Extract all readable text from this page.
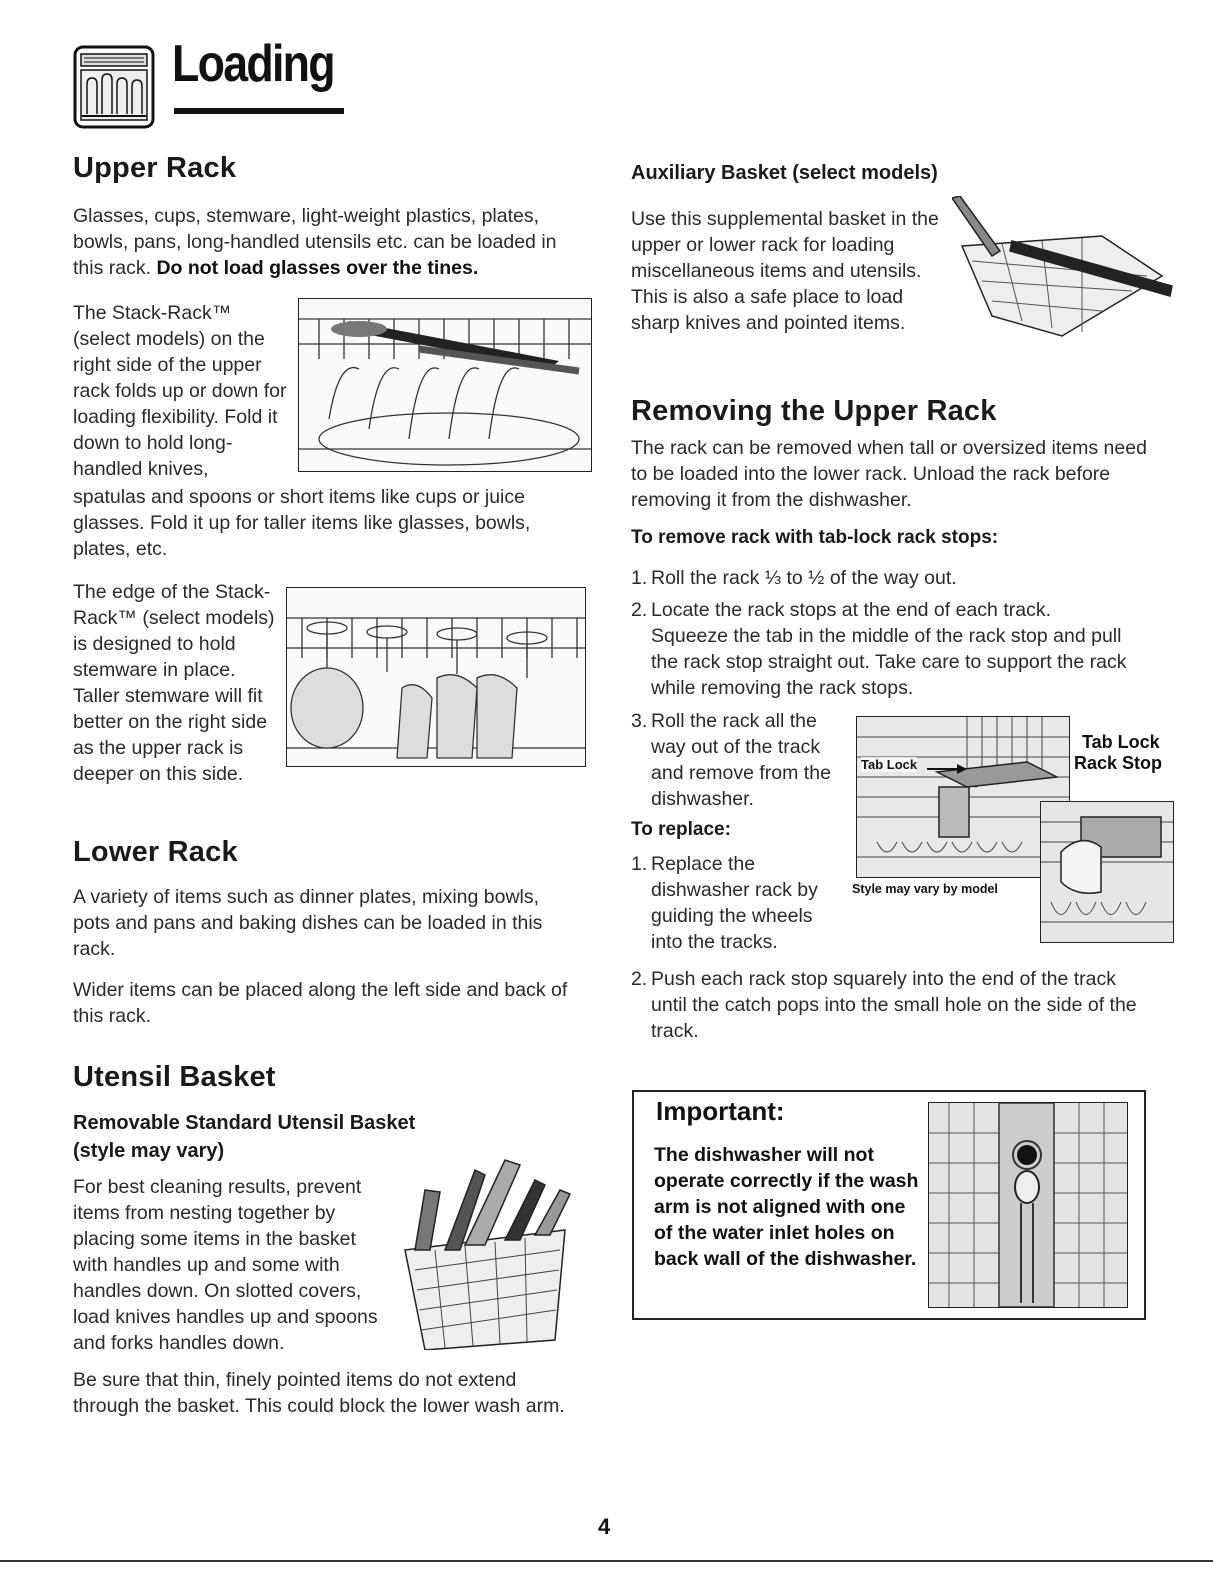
Loading
Upper Rack

Glasses, cups, stemware, light-weight plastics, plates, bowls, pans, long-handled utensils etc. can be loaded in this rack. Do not load glasses over the tines.

The Stack-Rack™ (select models) on the right side of the upper rack folds up or down for loading flexibility. Fold it down to hold long-handled knives,

spatulas and spoons or short items like cups or juice glasses. Fold it up for taller items like glasses, bowls, plates, etc.

The edge of the Stack-Rack™ (select models) is designed to hold stemware in place. Taller stemware will fit better on the right side as the upper rack is deeper on this side.

Lower Rack

A variety of items such as dinner plates, mixing bowls, pots and pans and baking dishes can be loaded in this rack.

Wider items can be placed along the left side and back of this rack.

Utensil Basket
Removable Standard Utensil Basket
(style may vary)

For best cleaning results, prevent items from nesting together by placing some items in the basket with handles up and some with handles down. On slotted covers, load knives handles up and spoons and forks handles down.

Be sure that thin, finely pointed items do not extend through the basket. This could block the lower wash arm.

Auxiliary Basket (select models)

Use this supplemental basket in the upper or lower rack for loading miscellaneous items and utensils. This is also a safe place to load sharp knives and pointed items.

Removing the Upper Rack

The rack can be removed when tall or oversized items need to be loaded into the lower rack. Unload the rack before removing it from the dishwasher.

To remove rack with tab-lock rack stops:
1. Roll the rack ⅓ to ½ of the way out.
2. Locate the rack stops at the end of each track. Squeeze the tab in the middle of the rack stop and pull the rack stop straight out. Take care to support the rack while removing the rack stops.
3. Roll the rack all the way out of the track and remove from the dishwasher.
To replace:
1. Replace the dishwasher rack by guiding the wheels into the tracks.
2. Push each rack stop squarely into the end of the track until the catch pops into the small hole on the side of the track.
Tab Lock
Tab Lock
Rack Stop
Style may vary by model
Important:

The dishwasher will not operate correctly if the wash arm is not aligned with one of the water inlet holes on back wall of the dishwasher.

4
